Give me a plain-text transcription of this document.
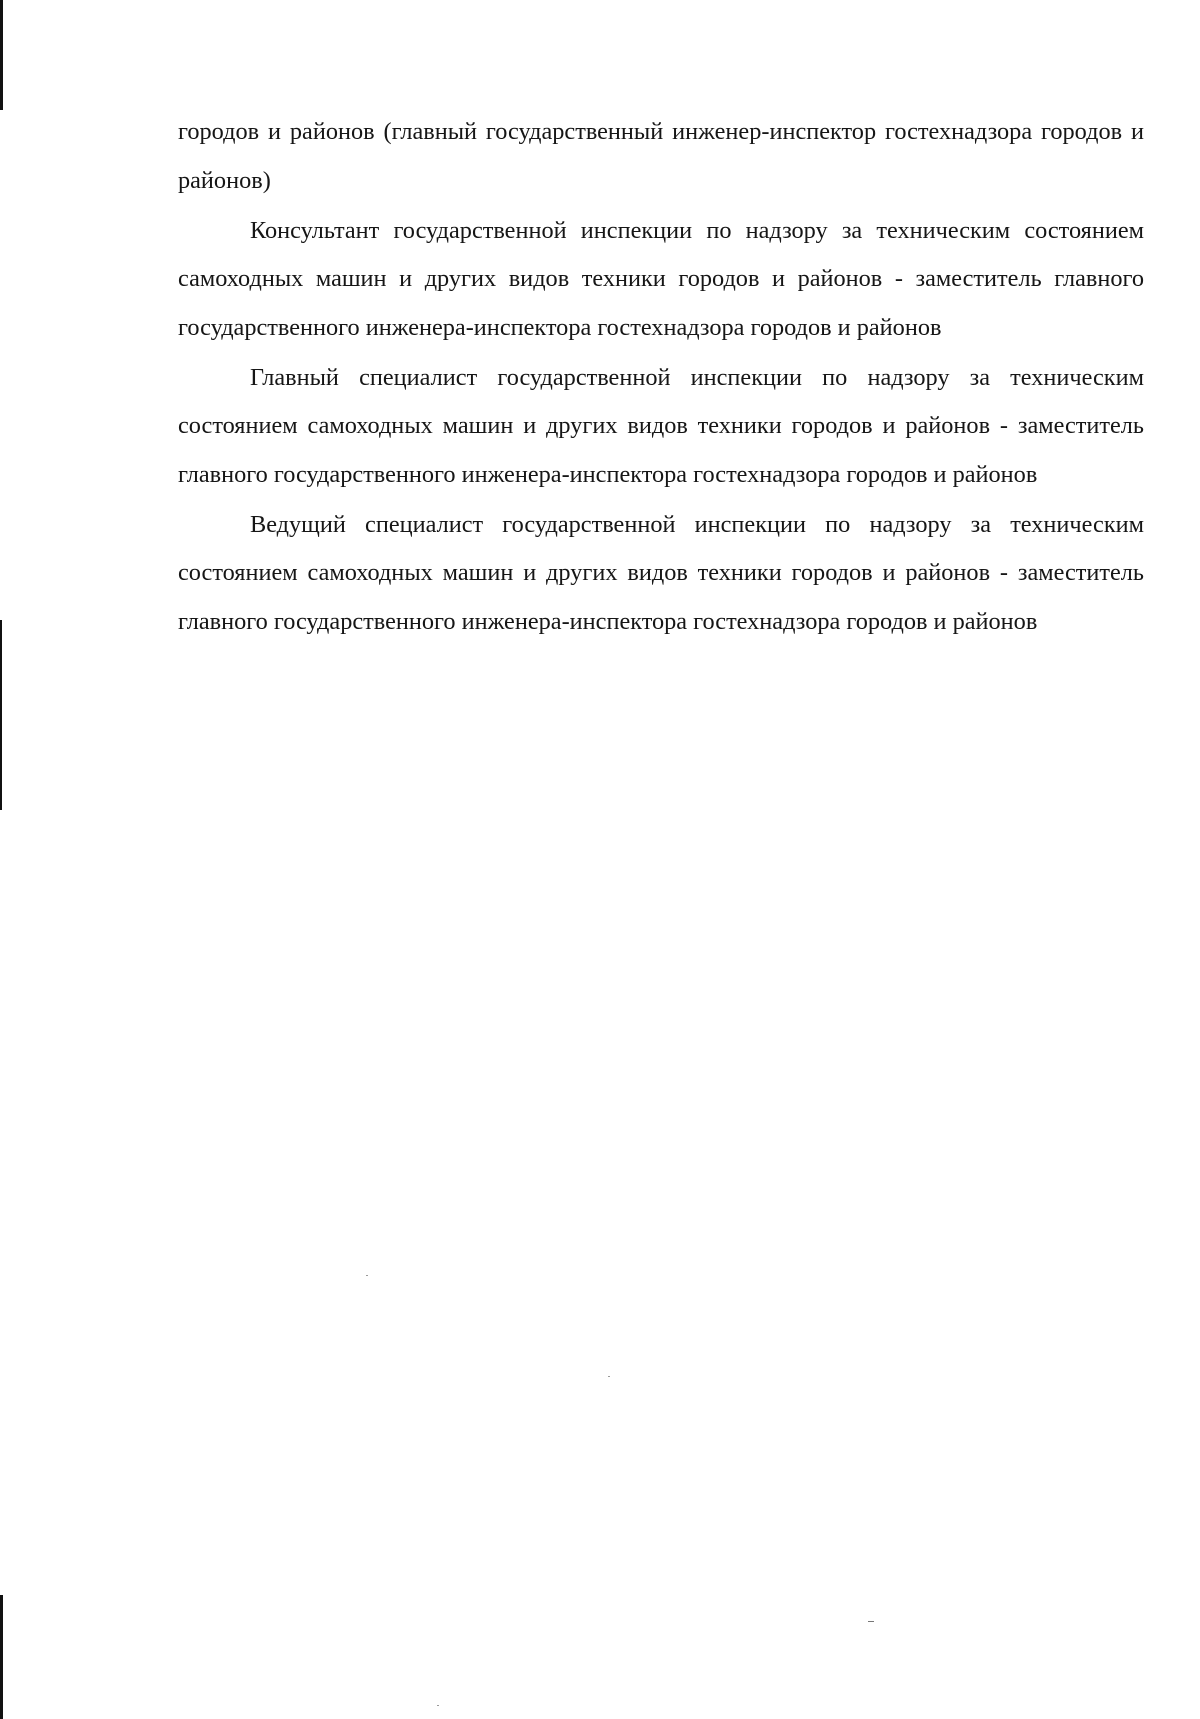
городов и районов (главный государственный инженер-инспектор гостехнадзора городов и районов)

Консультант государственной инспекции по надзору за техническим состоянием самоходных машин и других видов техники городов и районов - заместитель главного государственного инженера-инспектора гостехнадзора городов и районов

Главный специалист государственной инспекции по надзору за техническим состоянием самоходных машин и других видов техники городов и районов - заместитель главного государственного инженера-инспектора гостехнадзора городов и районов

Ведущий специалист государственной инспекции по надзору за техническим состоянием самоходных машин и других видов техники городов и районов - заместитель главного государственного инженера-инспектора гостехнадзора городов и районов
